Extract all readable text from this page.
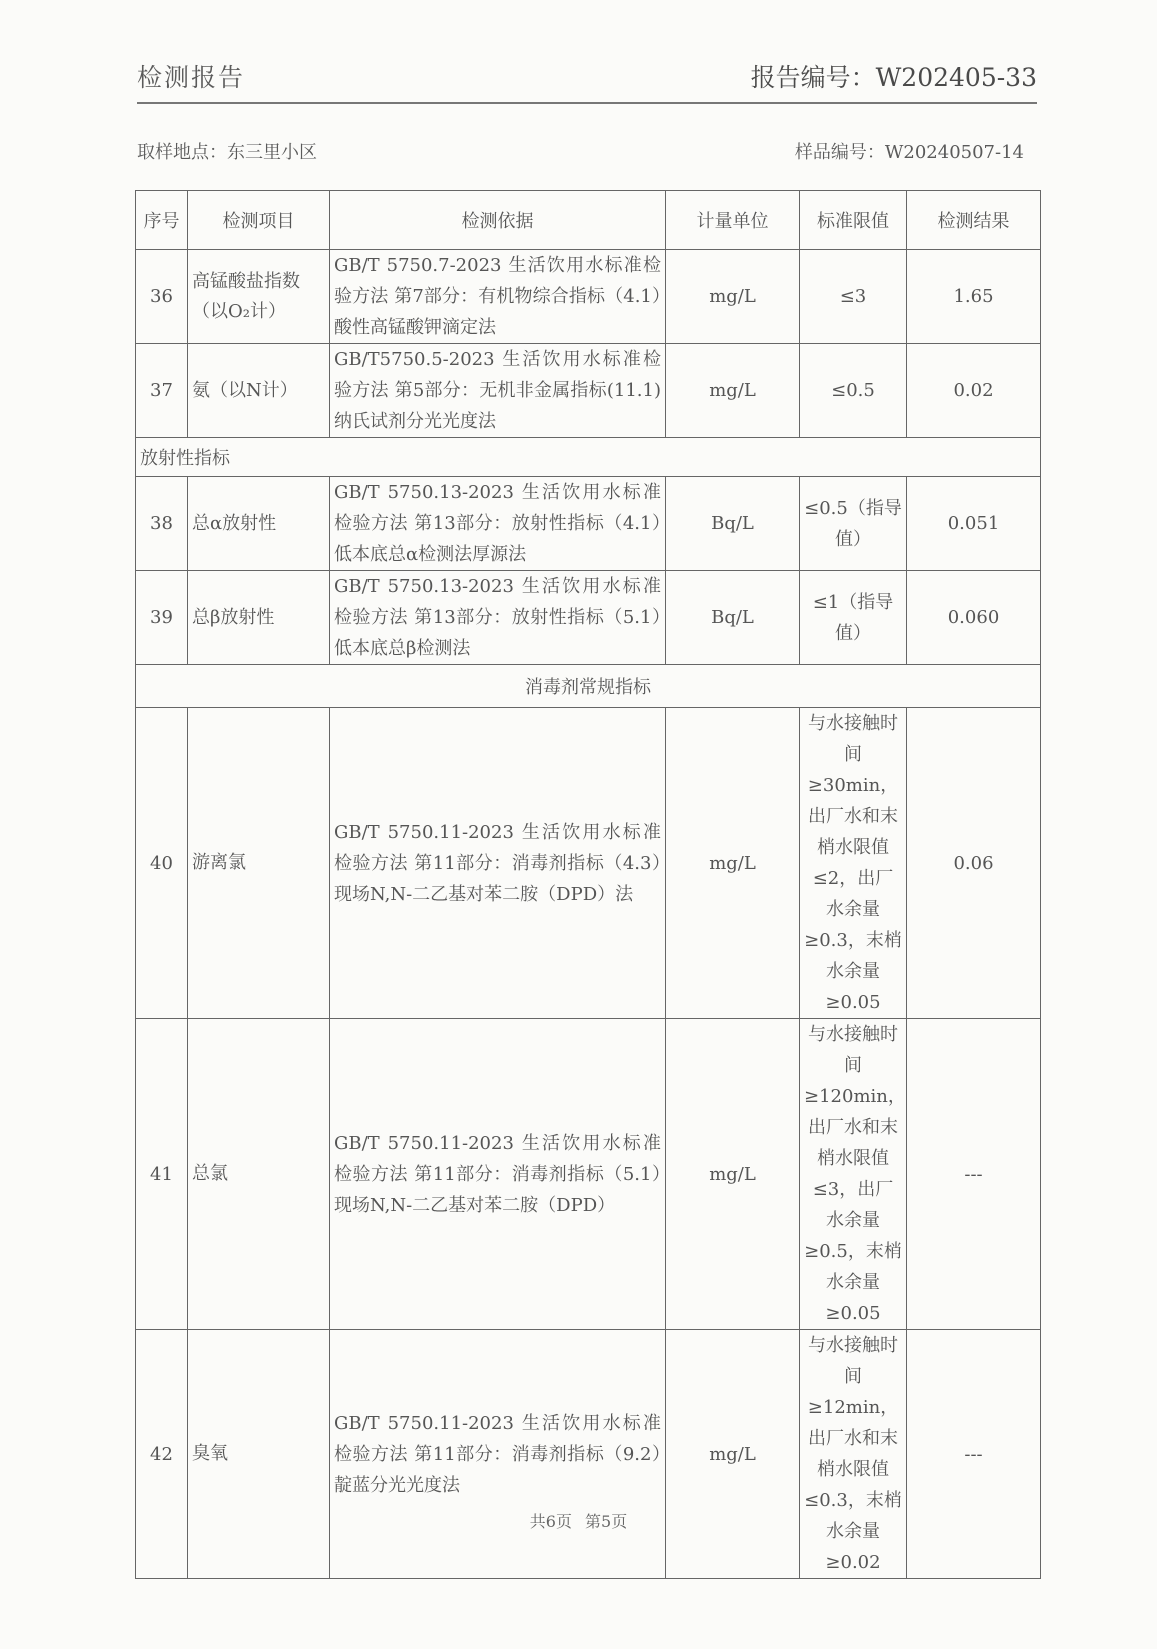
检测报告	报告编号：W202405-33
取样地点：东三里小区	样品编号：W20240507-14
序号	检测项目	检测依据	计量单位	标准限值	检测结果
36	高锰酸盐指数（以O₂计）	GB/T 5750.7-2023 生活饮用水标准检验方法 第7部分：有机物综合指标（4.1）酸性高锰酸钾滴定法	mg/L	≤3	1.65
37	氨（以N计）	GB/T5750.5-2023 生活饮用水标准检验方法 第5部分：无机非金属指标(11.1)纳氏试剂分光光度法	mg/L	≤0.5	0.02
放射性指标					
38	总α放射性	GB/T 5750.13-2023 生活饮用水标准检验方法 第13部分：放射性指标（4.1）低本底总α检测法厚源法	Bq/L	≤0.5（指导值）	0.051
39	总β放射性	GB/T 5750.13-2023 生活饮用水标准检验方法 第13部分：放射性指标（5.1）低本底总β检测法	Bq/L	≤1（指导值）	0.060
消毒剂常规指标					
40	游离氯	GB/T 5750.11-2023 生活饮用水标准检验方法 第11部分：消毒剂指标（4.3）现场N,N-二乙基对苯二胺（DPD）法	mg/L	与水接触时间≥30min，出厂水和末梢水限值≤2，出厂水余量≥0.3，末梢水余量≥0.05	0.06
41	总氯	GB/T 5750.11-2023 生活饮用水标准检验方法 第11部分：消毒剂指标（5.1）现场N,N-二乙基对苯二胺（DPD）	mg/L	与水接触时间≥120min，出厂水和末梢水限值≤3，出厂水余量≥0.5，末梢水余量≥0.05	---
42	臭氧	GB/T 5750.11-2023 生活饮用水标准检验方法 第11部分：消毒剂指标（9.2）靛蓝分光光度法	mg/L	与水接触时间≥12min，出厂水和末梢水限值≤0.3，末梢水余量≥0.02	---
共6页 第5页
